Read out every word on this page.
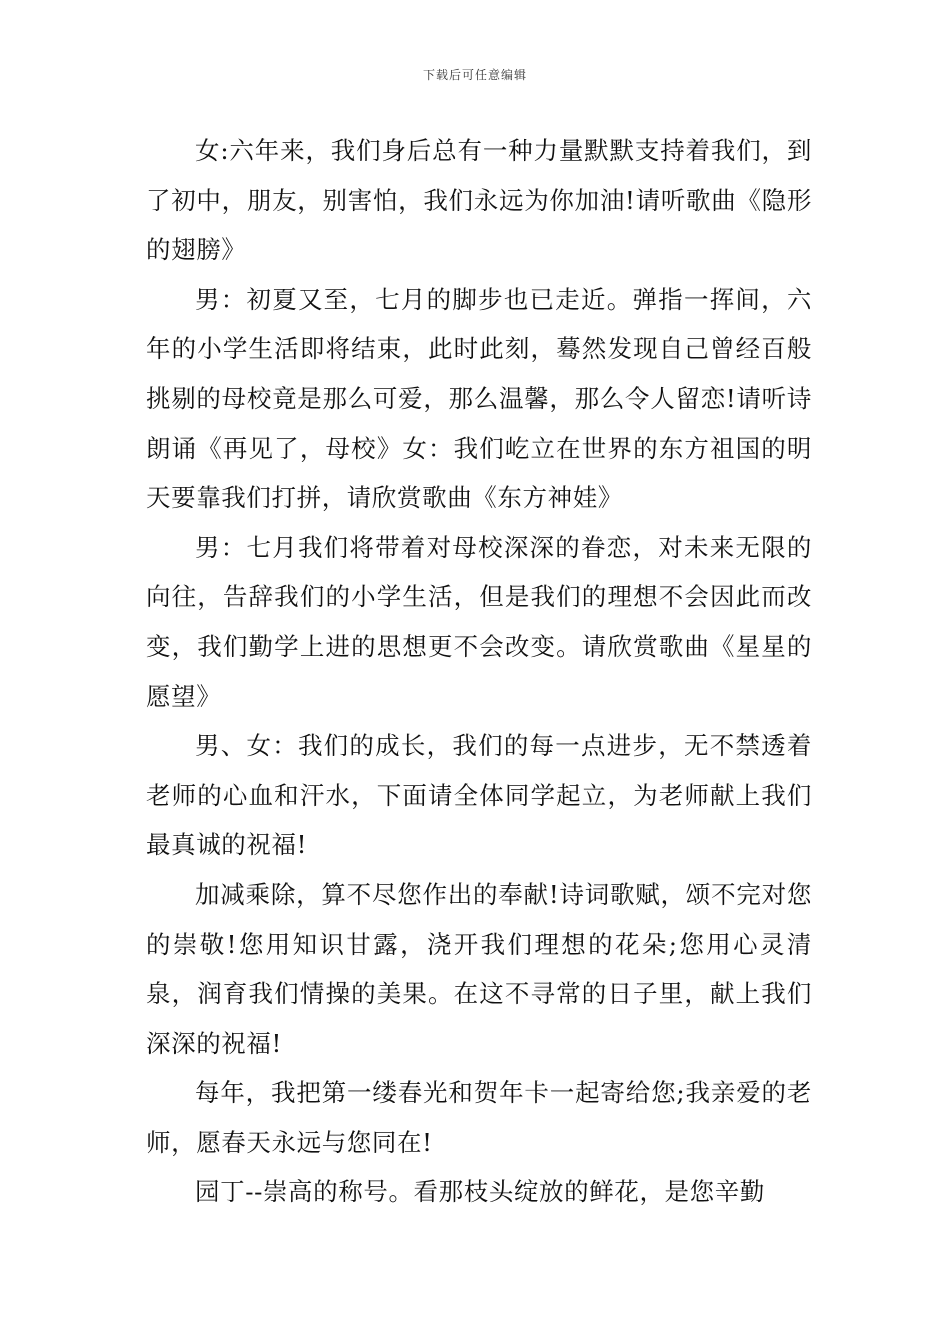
下载后可任意编辑

女:六年来，我们身后总有一种力量默默支持着我们，到了初中，朋友，别害怕，我们永远为你加油!请听歌曲《隐形的翅膀》

男：初夏又至，七月的脚步也已走近。弹指一挥间，六年的小学生活即将结束，此时此刻，蓦然发现自己曾经百般挑剔的母校竟是那么可爱，那么温馨，那么令人留恋!请听诗朗诵《再见了，母校》女：我们屹立在世界的东方祖国的明天要靠我们打拼，请欣赏歌曲《东方神娃》

男：七月我们将带着对母校深深的眷恋，对未来无限的向往，告辞我们的小学生活，但是我们的理想不会因此而改变，我们勤学上进的思想更不会改变。请欣赏歌曲《星星的愿望》

男、女：我们的成长，我们的每一点进步，无不禁透着老师的心血和汗水，下面请全体同学起立，为老师献上我们最真诚的祝福!

加减乘除，算不尽您作出的奉献!诗词歌赋，颂不完对您的崇敬!您用知识甘露，浇开我们理想的花朵;您用心灵清泉，润育我们情操的美果。在这不寻常的日子里，献上我们深深的祝福!

每年，我把第一缕春光和贺年卡一起寄给您;我亲爱的老师，愿春天永远与您同在!

园丁--崇高的称号。看那枝头绽放的鲜花，是您辛勤
